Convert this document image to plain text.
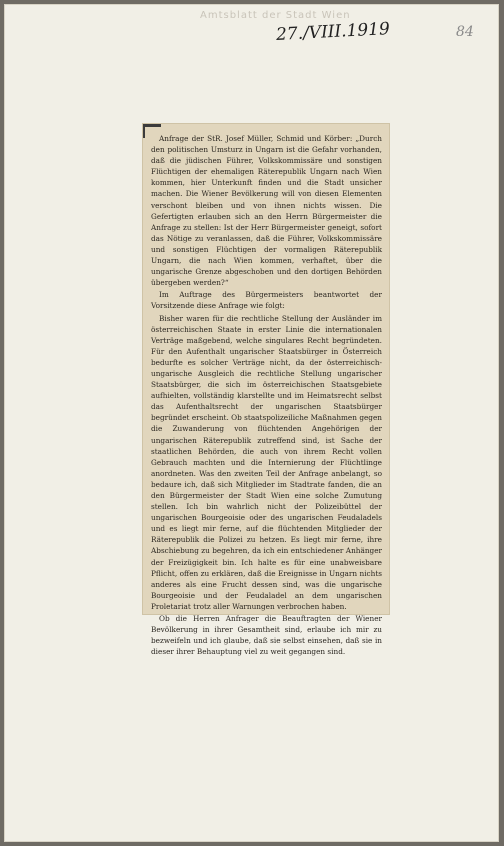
Amtsblatt der Stadt Wien
27./VIII.1919	84

Anfrage der StR. Josef Müller, Schmid und Körber: „Durch den politischen Umsturz in Ungarn ist die Gefahr vorhanden, daß die jüdischen Führer, Volkskommissäre und sonstigen Flüchtigen der ehemaligen Räterepublik Ungarn nach Wien kommen, hier Unterkunft finden und die Stadt unsicher machen. Die Wiener Bevölkerung will von diesen Elementen verschont bleiben und von ihnen nichts wissen. Die Gefertigten erlauben sich an den Herrn Bürgermeister die Anfrage zu stellen: Ist der Herr Bürgermeister geneigt, sofort das Nötige zu veranlassen, daß die Führer, Volkskommissäre und sonstigen Flüchtigen der vormaligen Räterepublik Ungarn, die nach Wien kommen, verhaftet, über die ungarische Grenze abgeschoben und den dortigen Behörden übergeben werden?“

Im Auftrage des Bürgermeisters beantwortet der Vorsitzende diese Anfrage wie folgt:

Bisher waren für die rechtliche Stellung der Ausländer im österreichischen Staate in erster Linie die internationalen Verträge maßgebend, welche singulares Recht begründeten. Für den Aufenthalt ungarischer Staatsbürger in Österreich bedurfte es solcher Verträge nicht, da der österreichisch-ungarische Ausgleich die rechtliche Stellung ungarischer Staatsbürger, die sich im österreichischen Staatsgebiete aufhielten, vollständig klarstellte und im Heimatsrecht selbst das Aufenthaltsrecht der ungarischen Staatsbürger begründet erscheint. Ob staatspolizeiliche Maßnahmen gegen die Zuwanderung von flüchtenden Angehörigen der ungarischen Räterepublik zutreffend sind, ist Sache der staatlichen Behörden, die auch von ihrem Recht vollen Gebrauch machten und die Internierung der Flüchtlinge anordneten. Was den zweiten Teil der Anfrage anbelangt, so bedaure ich, daß sich Mitglieder im Stadtrate fanden, die an den Bürgermeister der Stadt Wien eine solche Zumutung stellen. Ich bin wahrlich nicht der Polizeibüttel der ungarischen Bourgeoisie oder des ungarischen Feudaladels und es liegt mir ferne, auf die flüchtenden Mitglieder der Räterepublik die Polizei zu hetzen. Es liegt mir ferne, ihre Abschiebung zu begehren, da ich ein entschiedener Anhänger der Freizügigkeit bin. Ich halte es für eine unabweisbare Pflicht, offen zu erklären, daß die Ereignisse in Ungarn nichts anderes als eine Frucht dessen sind, was die ungarische Bourgeoisie und der Feudaladel an dem ungarischen Proletariat trotz aller Warnungen verbrochen haben.

Ob die Herren Anfrager die Beauftragten der Wiener Bevölkerung in ihrer Gesamtheit sind, erlaube ich mir zu bezweifeln und ich glaube, daß sie selbst einsehen, daß sie in dieser ihrer Behauptung viel zu weit gegangen sind.
